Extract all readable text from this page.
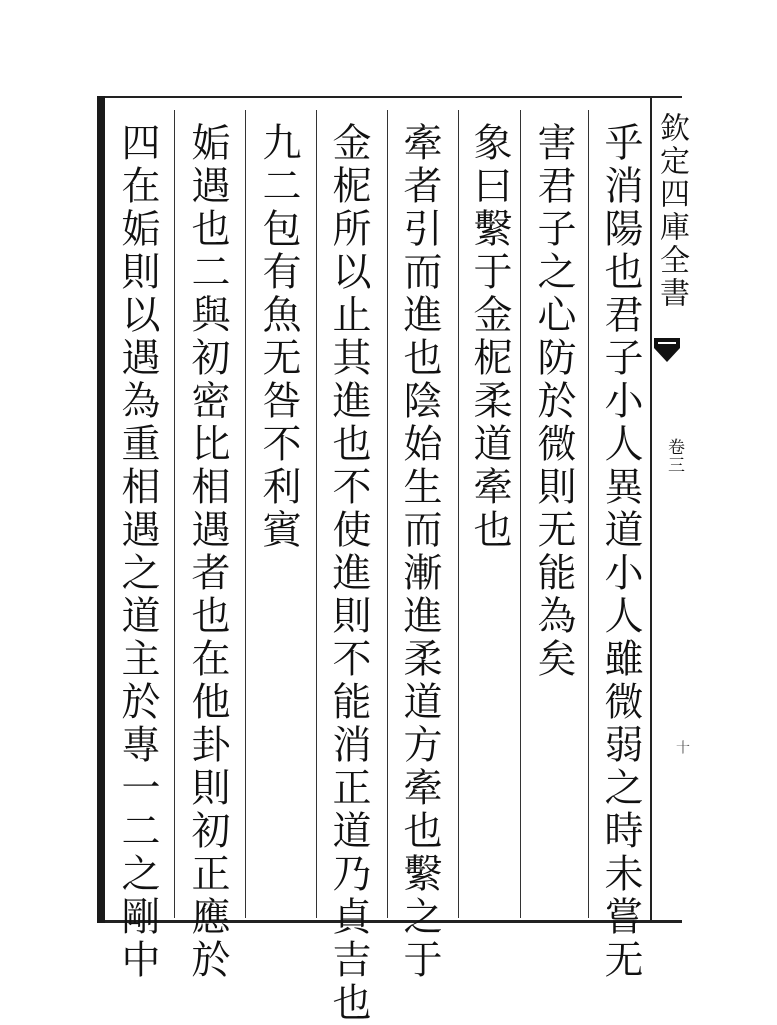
欽定四庫全書
卷三
十
乎消陽也君子小人異道小人雖微弱之時未嘗无
害君子之心防於微則无能為矣
象曰繫于金柅柔道牽也
牽者引而進也陰始生而漸進柔道方牽也繫之于
金柅所以止其進也不使進則不能消正道乃貞吉也
九二包有魚无咎不利賓
姤遇也二與初密比相遇者也在他卦則初正應於
四在姤則以遇為重相遇之道主於專一二之剛中
